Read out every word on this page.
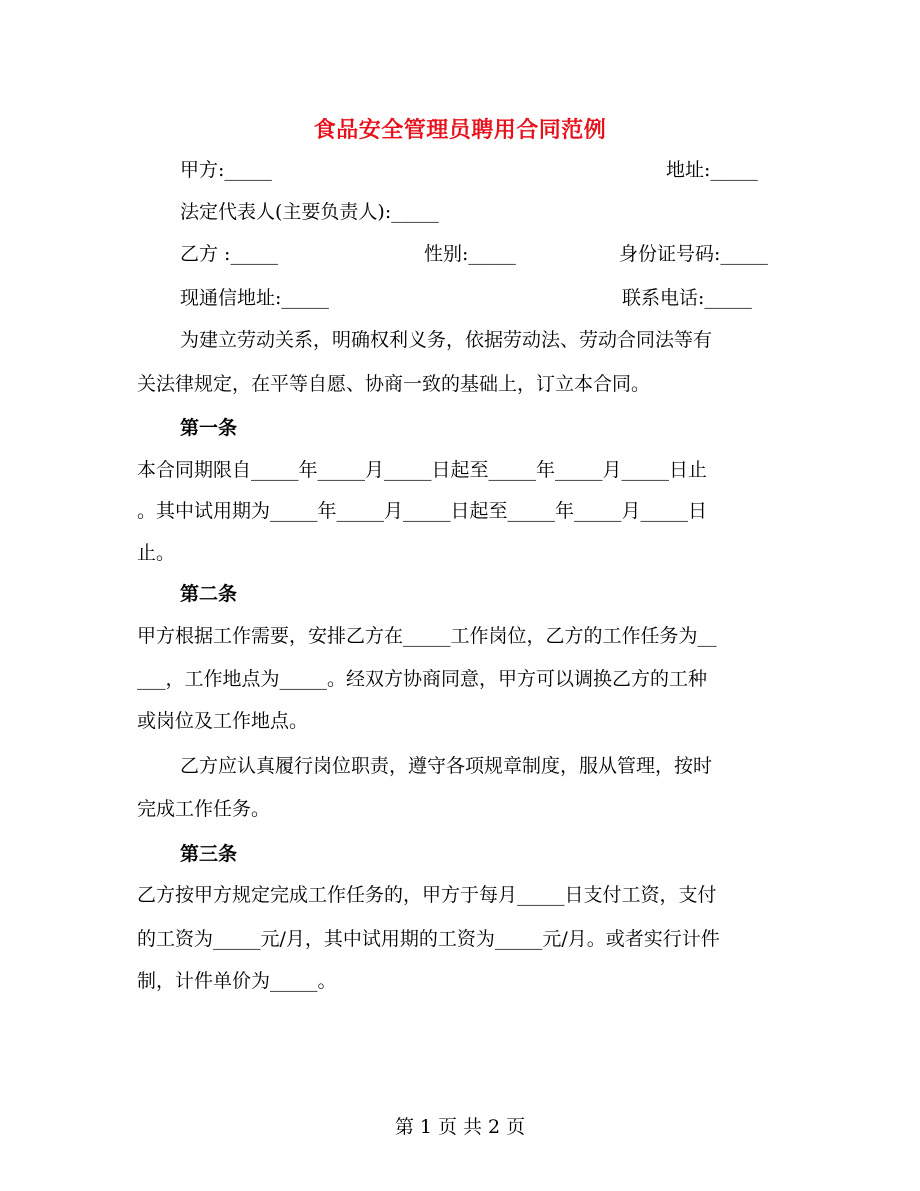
食品安全管理员聘用合同范例
甲方:_____	地址:_____
法定代表人(主要负责人):_____
乙方 :_____	性别:_____	身份证号码:_____
现通信地址:_____	联系电话:_____
为建立劳动关系，明确权利义务，依据劳动法、劳动合同法等有
关法律规定，在平等自愿、协商一致的基础上，订立本合同。
第一条
本合同期限自_____年_____月_____日起至_____年_____月_____日止
。其中试用期为_____年_____月_____日起至_____年_____月_____日
止。
第二条
甲方根据工作需要，安排乙方在_____工作岗位，乙方的工作任务为__
___，工作地点为_____。经双方协商同意，甲方可以调换乙方的工种
或岗位及工作地点。
乙方应认真履行岗位职责，遵守各项规章制度，服从管理，按时
完成工作任务。
第三条
乙方按甲方规定完成工作任务的，甲方于每月_____日支付工资，支付
的工资为_____元/月，其中试用期的工资为_____元/月。或者实行计件
制，计件单价为_____。
第 1 页 共 2 页
